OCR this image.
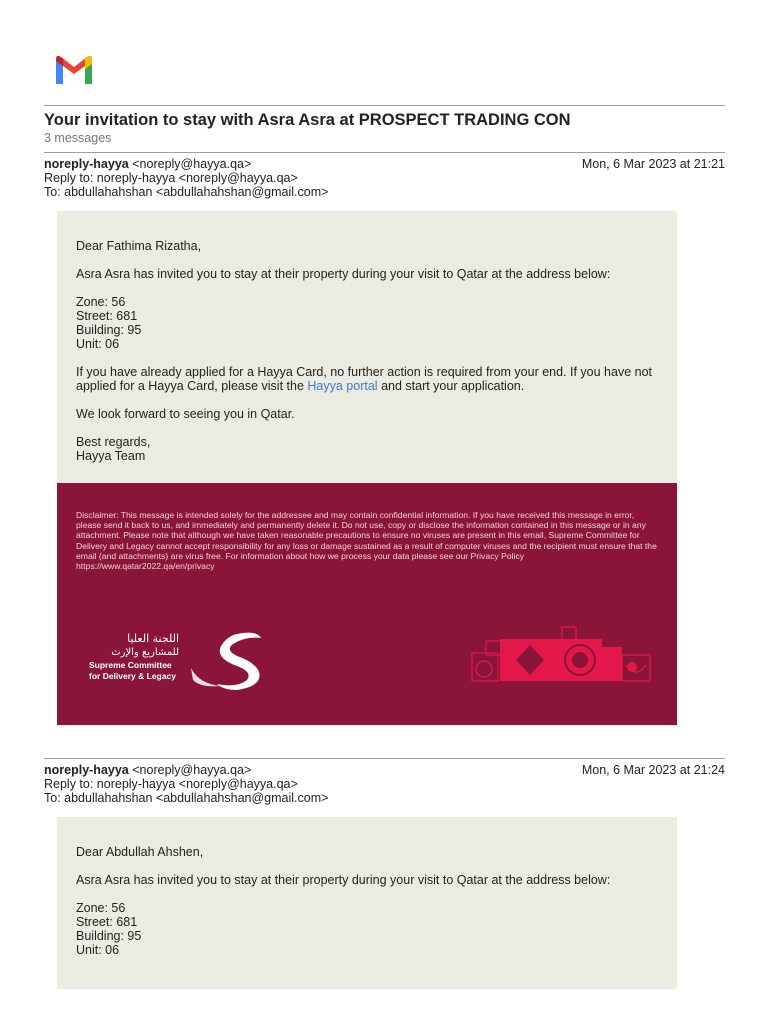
Your invitation to stay with Asra Asra at PROSPECT TRADING CON
3 messages
noreply-hayya <noreply@hayya.qa>	Mon, 6 Mar 2023 at 21:21
Reply to: noreply-hayya <noreply@hayya.qa>
To: abdullahahshan <abdullahahshan@gmail.com>

Dear Fathima Rizatha,

Asra Asra has invited you to stay at their property during your visit to Qatar at the address below:

Zone: 56
Street: 681
Building: 95
Unit: 06

If you have already applied for a Hayya Card, no further action is required from your end. If you have not applied for a Hayya Card, please visit the Hayya portal and start your application.

We look forward to seeing you in Qatar.

Best regards,
Hayya Team

Disclaimer: This message is intended solely for the addressee and may contain confidential information. If you have received this message in error, please send it back to us, and immediately and permanently delete it. Do not use, copy or disclose the information contained in this message or in any attachment. Please note that although we have taken reasonable precautions to ensure no viruses are present in this email, Supreme Committee for Delivery and Legacy cannot accept responsibility for any loss or damage sustained as a result of computer viruses and the recipient must ensure that the email (and attachments) are virus free. For information about how we process your data please see our Privacy Policy https://www.qatar2022.qa/en/privacy
اللجنة العليا
للمشاريع والإرث
Supreme Committee
for Delivery & Legacy
noreply-hayya <noreply@hayya.qa>	Mon, 6 Mar 2023 at 21:24
Reply to: noreply-hayya <noreply@hayya.qa>
To: abdullahahshan <abdullahahshan@gmail.com>

Dear Abdullah Ahshen,

Asra Asra has invited you to stay at their property during your visit to Qatar at the address below:

Zone: 56
Street: 681
Building: 95
Unit: 06
